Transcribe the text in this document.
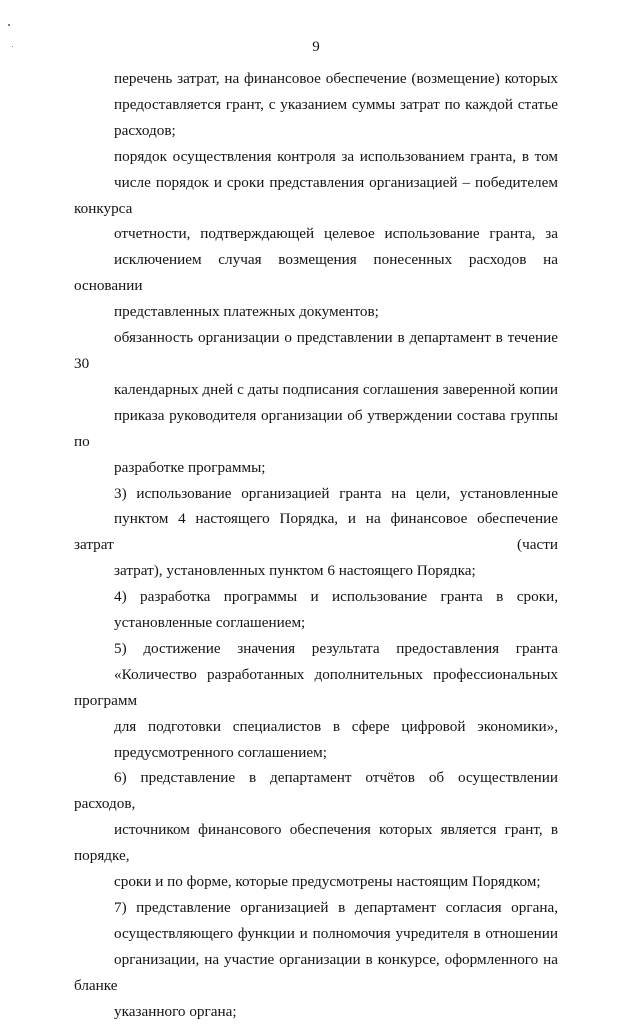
9

перечень затрат, на финансовое обеспечение (возмещение) которых
предоставляется грант, с указанием суммы затрат по каждой статье
расходов;

порядок осуществления контроля за использованием гранта, в том
числе порядок и сроки представления организацией – победителем конкурса
отчетности, подтверждающей целевое использование гранта, за
исключением случая возмещения понесенных расходов на основании
представленных платежных документов;

обязанность организации о представлении в департамент в течение 30
календарных дней с даты подписания соглашения заверенной копии
приказа руководителя организации об утверждении состава группы по
разработке программы;

3) использование организацией гранта на цели, установленные
пунктом 4 настоящего Порядка, и на финансовое обеспечение затрат (части
затрат), установленных пунктом 6 настоящего Порядка;

4) разработка программы и использование гранта в сроки,
установленные соглашением;

5) достижение значения результата предоставления гранта
«Количество разработанных дополнительных профессиональных программ
для подготовки специалистов в сфере цифровой экономики»,
предусмотренного соглашением;

6) представление в департамент отчётов об осуществлении расходов,
источником финансового обеспечения которых является грант, в порядке,
сроки и по форме, которые предусмотрены настоящим Порядком;

7) представление организацией в департамент согласия органа,
осуществляющего функции и полномочия учредителя в отношении
организации, на участие организации в конкурсе, оформленного на бланке
указанного органа;
